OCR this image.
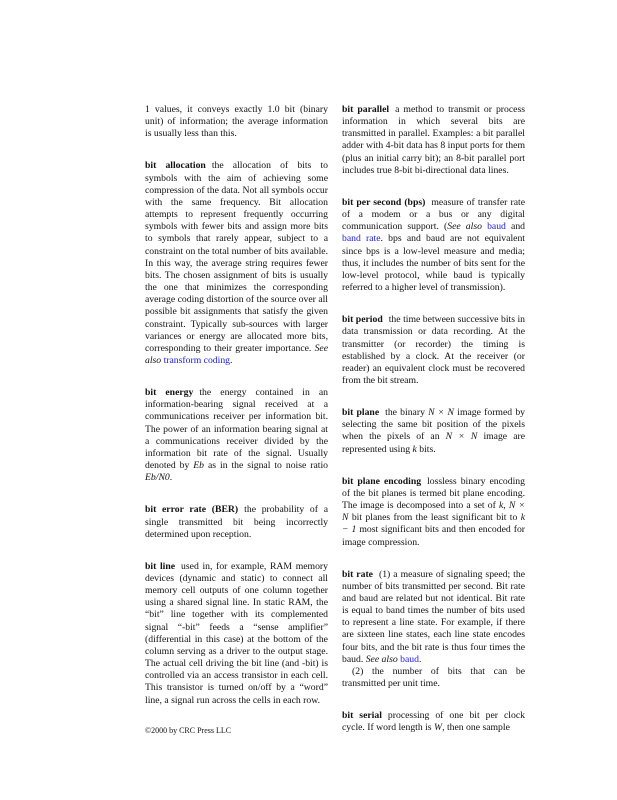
1 values, it conveys exactly 1.0 bit (binary unit) of information; the average information is usually less than this.

bit allocation the allocation of bits to symbols with the aim of achieving some compression of the data. Not all symbols occur with the same frequency. Bit allocation attempts to represent frequently occurring symbols with fewer bits and assign more bits to symbols that rarely appear, subject to a constraint on the total number of bits available. In this way, the average string requires fewer bits. The chosen assignment of bits is usually the one that minimizes the corresponding average coding distortion of the source over all possible bit assignments that satisfy the given constraint. Typically sub-sources with larger variances or energy are allocated more bits, corresponding to their greater importance. See also transform coding.

bit energy the energy contained in an information-bearing signal received at a communications receiver per information bit. The power of an information bearing signal at a communications receiver divided by the information bit rate of the signal. Usually denoted by Eb as in the signal to noise ratio Eb/N0.

bit error rate (BER) the probability of a single transmitted bit being incorrectly determined upon reception.

bit line used in, for example, RAM memory devices (dynamic and static) to connect all memory cell outputs of one column together using a shared signal line. In static RAM, the “bit” line together with its complemented signal “-bit” feeds a “sense amplifier” (differential in this case) at the bottom of the column serving as a driver to the output stage. The actual cell driving the bit line (and -bit) is controlled via an access transistor in each cell. This transistor is turned on/off by a “word” line, a signal run across the cells in each row.

bit parallel a method to transmit or process information in which several bits are transmitted in parallel. Examples: a bit parallel adder with 4-bit data has 8 input ports for them (plus an initial carry bit); an 8-bit parallel port includes true 8-bit bi-directional data lines.

bit per second (bps) measure of transfer rate of a modem or a bus or any digital communication support. (See also baud and band rate. bps and baud are not equivalent since bps is a low-level measure and media; thus, it includes the number of bits sent for the low-level protocol, while baud is typically referred to a higher level of transmission).

bit period the time between successive bits in data transmission or data recording. At the transmitter (or recorder) the timing is established by a clock. At the receiver (or reader) an equivalent clock must be recovered from the bit stream.

bit plane the binary N × N image formed by selecting the same bit position of the pixels when the pixels of an N × N image are represented using k bits.

bit plane encoding lossless binary encoding of the bit planes is termed bit plane encoding. The image is decomposed into a set of k, N × N bit planes from the least significant bit to k − 1 most significant bits and then encoded for image compression.

bit rate (1) a measure of signaling speed; the number of bits transmitted per second. Bit rate and baud are related but not identical. Bit rate is equal to band times the number of bits used to represent a line state. For example, if there are sixteen line states, each line state encodes four bits, and the bit rate is thus four times the baud. See also baud.

(2) the number of bits that can be transmitted per unit time.

bit serial processing of one bit per clock cycle. If word length is W, then one sample

©2000 by CRC Press LLC
